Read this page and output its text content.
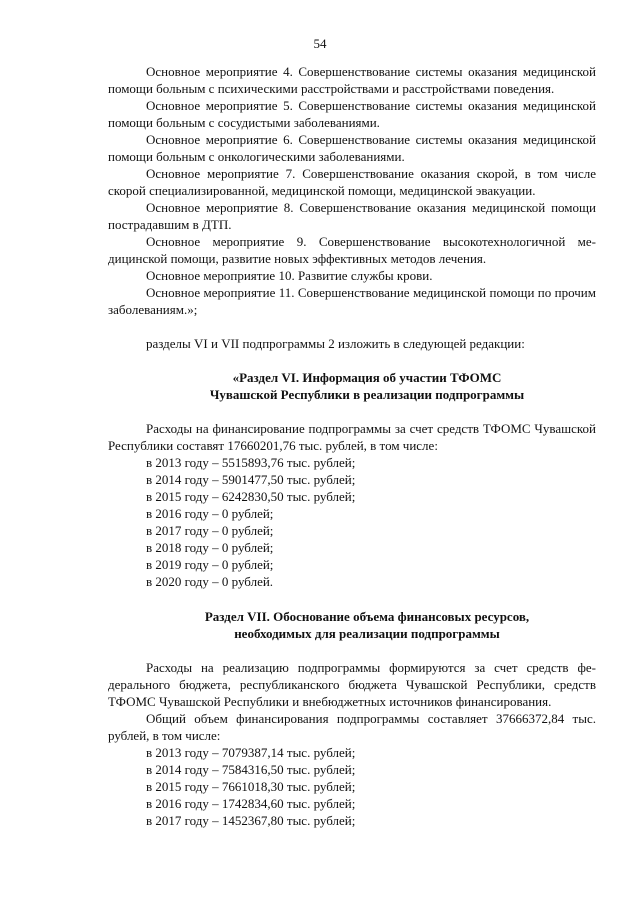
54

Основное мероприятие 4. Совершенствование системы оказания медицинской помощи больным с психическими расстройствами и расстройствами поведения.

Основное мероприятие 5. Совершенствование системы оказания медицинской помощи больным с сосудистыми заболеваниями.

Основное мероприятие 6. Совершенствование системы оказания медицинской помощи больным с онкологическими заболеваниями.

Основное мероприятие 7. Совершенствование оказания скорой, в том числе скорой специализированной, медицинской помощи, медицинской эвакуации.

Основное мероприятие 8. Совершенствование оказания медицинской помощи пострадавшим в ДТП.

Основное мероприятие 9. Совершенствование высокотехнологичной медицинской помощи, развитие новых эффективных методов лечения.

Основное мероприятие 10. Развитие службы крови.

Основное мероприятие 11. Совершенствование медицинской помощи по прочим заболеваниям.»;

разделы VI и VII подпрограммы 2 изложить в следующей редакции:

«Раздел VI. Информация об участии ТФОМС

Чувашской Республики в реализации подпрограммы

Расходы на финансирование подпрограммы за счет средств ТФОМС Чувашской Республики составят 17660201,76 тыс. рублей, в том числе:

в 2013 году – 5515893,76 тыс. рублей;

в 2014 году – 5901477,50 тыс. рублей;

в 2015 году – 6242830,50 тыс. рублей;

в 2016 году – 0 рублей;

в 2017 году – 0 рублей;

в 2018 году – 0 рублей;

в 2019 году – 0 рублей;

в 2020 году – 0 рублей.

Раздел VII. Обоснование объема финансовых ресурсов,

необходимых для реализации подпрограммы

Расходы на реализацию подпрограммы формируются за счет средств федерального бюджета, республиканского бюджета Чувашской Республики, средств ТФОМС Чувашской Республики и внебюджетных источников финансирования.

Общий объем финансирования подпрограммы составляет 37666372,84 тыс. рублей, в том числе:

в 2013 году – 7079387,14 тыс. рублей;

в 2014 году – 7584316,50 тыс. рублей;

в 2015 году – 7661018,30 тыс. рублей;

в 2016 году – 1742834,60 тыс. рублей;

в 2017 году – 1452367,80 тыс. рублей;
